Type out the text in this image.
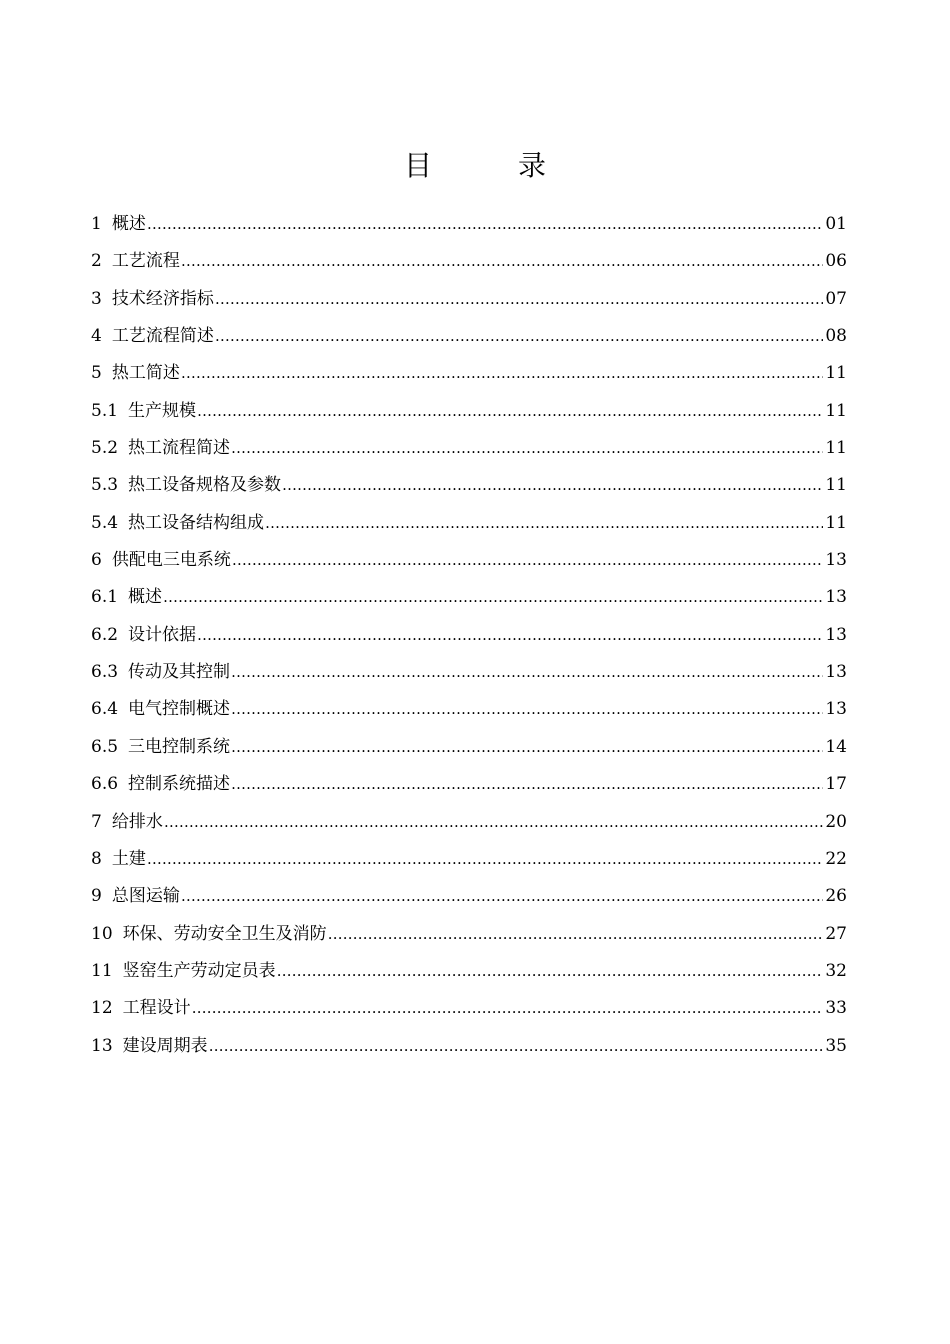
目	录
1 概述 …………………………………………………………………………………………………………………………………………………………………………………………	01
2 工艺流程 …………………………………………………………………………………………………………………………………………………………………………………………	06
3 技术经济指标 …………………………………………………………………………………………………………………………………………………………………………………………	07
4 工艺流程简述 …………………………………………………………………………………………………………………………………………………………………………………………	08
5 热工简述 …………………………………………………………………………………………………………………………………………………………………………………………	11
5.1 生产规模 …………………………………………………………………………………………………………………………………………………………………………………………	11
5.2 热工流程简述 …………………………………………………………………………………………………………………………………………………………………………………………	11
5.3 热工设备规格及参数 …………………………………………………………………………………………………………………………………………………………………………………………	11
5.4 热工设备结构组成 …………………………………………………………………………………………………………………………………………………………………………………………	11
6 供配电三电系统 …………………………………………………………………………………………………………………………………………………………………………………………	13
6.1 概述 …………………………………………………………………………………………………………………………………………………………………………………………	13
6.2 设计依据 …………………………………………………………………………………………………………………………………………………………………………………………	13
6.3 传动及其控制 …………………………………………………………………………………………………………………………………………………………………………………………	13
6.4 电气控制概述 …………………………………………………………………………………………………………………………………………………………………………………………	13
6.5 三电控制系统 …………………………………………………………………………………………………………………………………………………………………………………………	14
6.6 控制系统描述 …………………………………………………………………………………………………………………………………………………………………………………………	17
7 给排水 …………………………………………………………………………………………………………………………………………………………………………………………	20
8 土建 …………………………………………………………………………………………………………………………………………………………………………………………	22
9 总图运输 …………………………………………………………………………………………………………………………………………………………………………………………	26
10 环保、劳动安全卫生及消防 …………………………………………………………………………………………………………………………………………………………………………………………	27
11 竖窑生产劳动定员表 …………………………………………………………………………………………………………………………………………………………………………………………	32
12 工程设计 …………………………………………………………………………………………………………………………………………………………………………………………	33
13 建设周期表 …………………………………………………………………………………………………………………………………………………………………………………………	35
